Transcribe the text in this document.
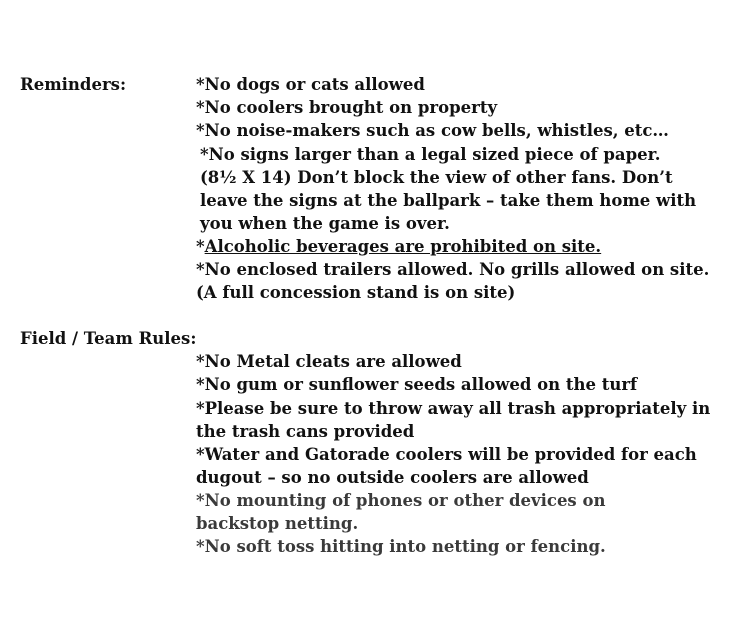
Reminders:	*No dogs or cats allowed
*No coolers brought on property
*No noise-makers such as cow bells, whistles, etc…
*No signs larger than a legal sized piece of paper.
(8½ X 14) Don’t block the view of other fans. Don’t
leave the signs at the ballpark – take them home with
you when the game is over.
*Alcoholic beverages are prohibited on site.
*No enclosed trailers allowed. No grills allowed on site.
(A full concession stand is on site)
Field / Team Rules:
*No Metal cleats are allowed
*No gum or sunflower seeds allowed on the turf
*Please be sure to throw away all trash appropriately in
the trash cans provided
*Water and Gatorade coolers will be provided for each
dugout – so no outside coolers are allowed
*No mounting of phones or other devices on
backstop netting.
*No soft toss hitting into netting or fencing.
